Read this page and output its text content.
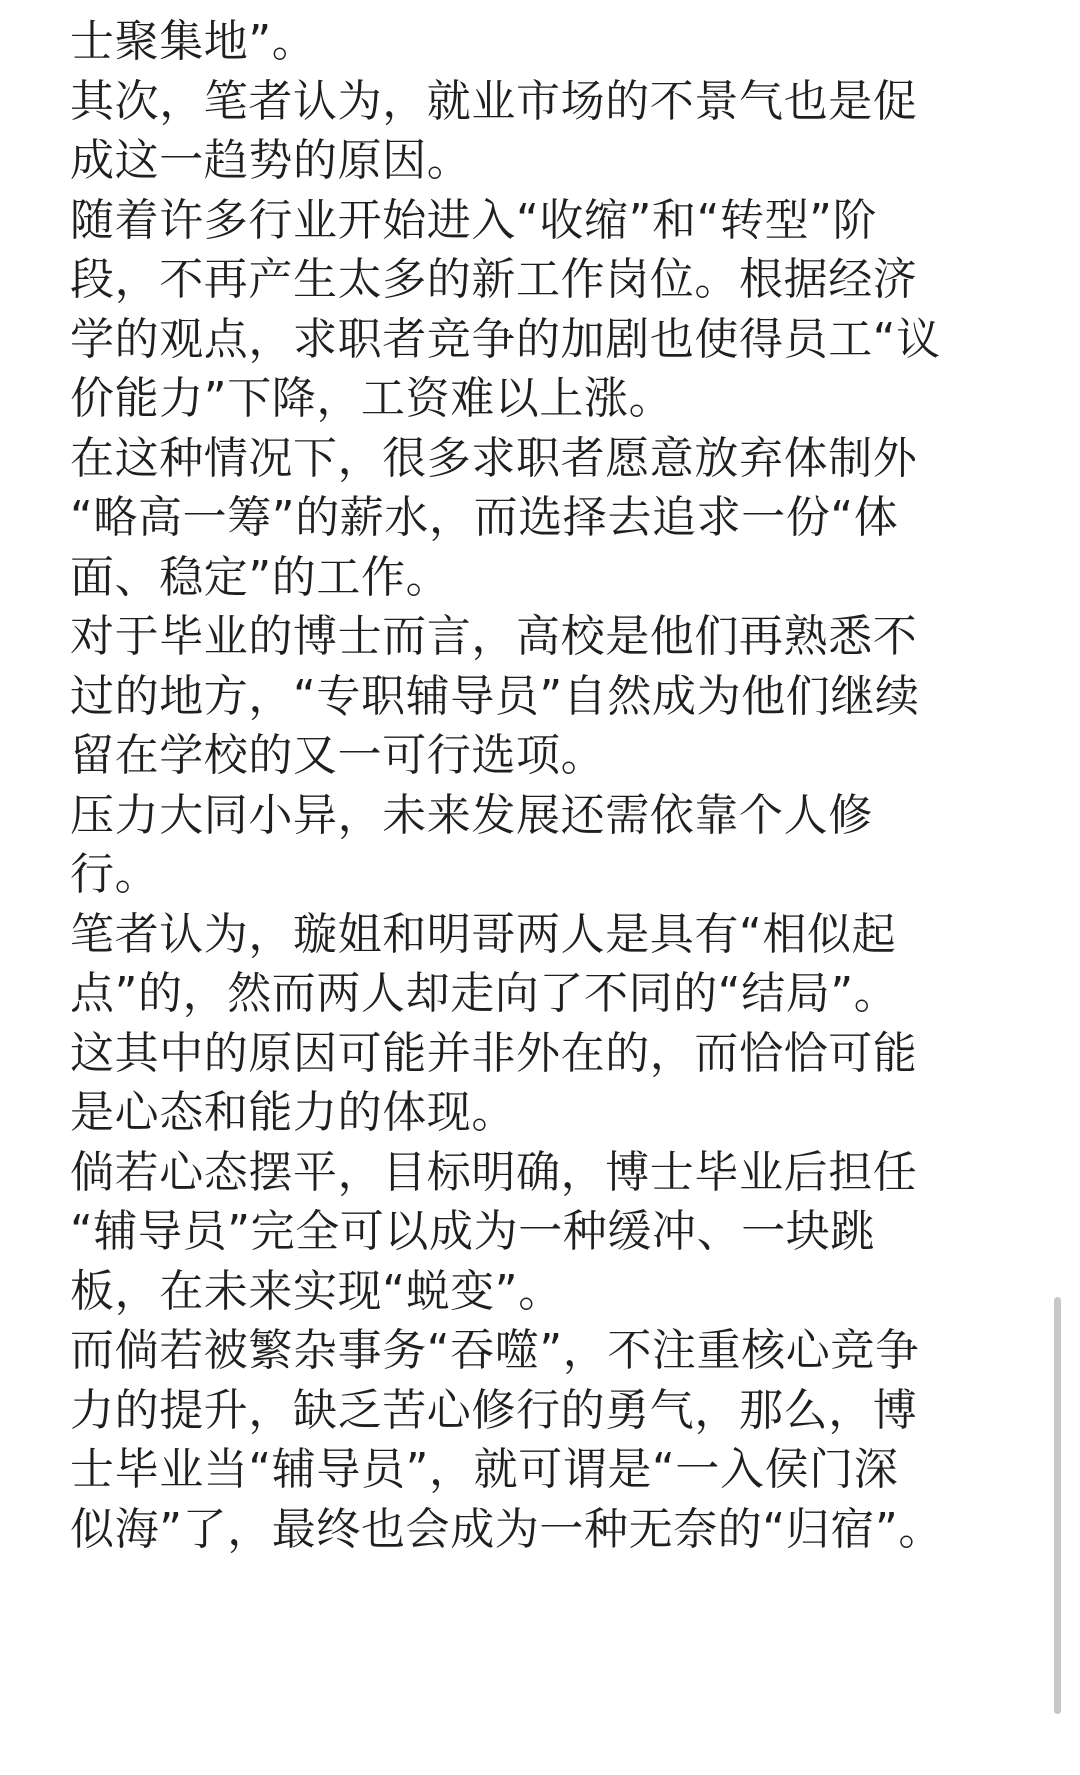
士聚集地”。
其次，笔者认为，就业市场的不景气也是促
成这一趋势的原因。
随着许多行业开始进入“收缩”和“转型”阶
段，不再产生太多的新工作岗位。根据经济
学的观点，求职者竞争的加剧也使得员工“议
价能力”下降，工资难以上涨。
在这种情况下，很多求职者愿意放弃体制外
“略高一筹”的薪水，而选择去追求一份“体
面、稳定”的工作。
对于毕业的博士而言，高校是他们再熟悉不
过的地方，“专职辅导员”自然成为他们继续
留在学校的又一可行选项。
压力大同小异，未来发展还需依靠个人修
行。
笔者认为，璇姐和明哥两人是具有“相似起
点”的，然而两人却走向了不同的“结局”。
这其中的原因可能并非外在的，而恰恰可能
是心态和能力的体现。
倘若心态摆平，目标明确，博士毕业后担任
“辅导员”完全可以成为一种缓冲、一块跳
板，在未来实现“蜕变”。
而倘若被繁杂事务“吞噬”，不注重核心竞争
力的提升，缺乏苦心修行的勇气，那么，博
士毕业当“辅导员”，就可谓是“一入侯门深
似海”了，最终也会成为一种无奈的“归宿”。
